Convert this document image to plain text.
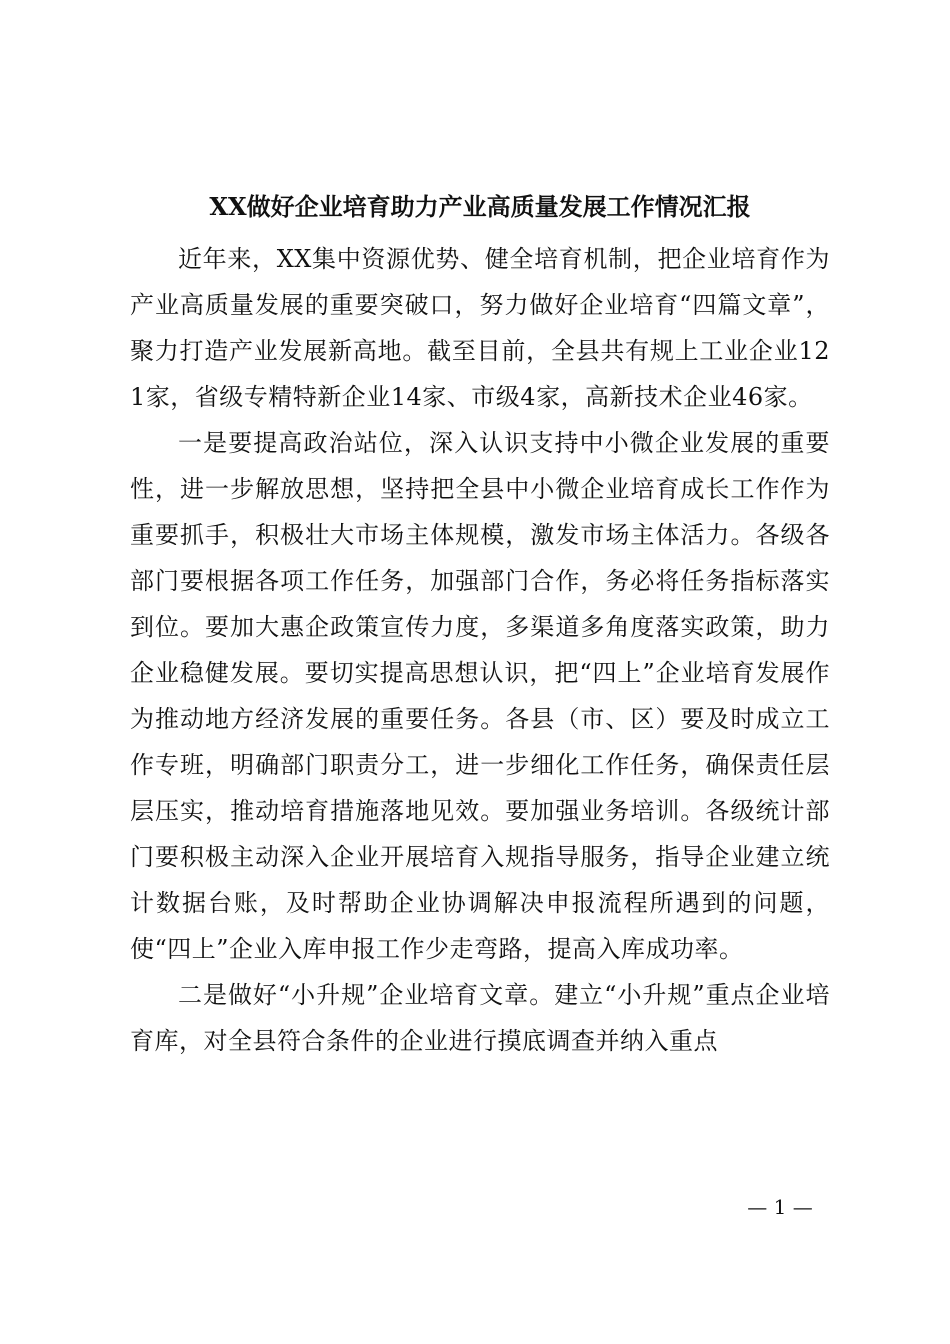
XX做好企业培育助力产业高质量发展工作情况汇报

近年来，XX集中资源优势、健全培育机制，把企业培育作为产业高质量发展的重要突破口，努力做好企业培育“四篇文章”，聚力打造产业发展新高地。截至目前，全县共有规上工业企业121家，省级专精特新企业14家、市级4家，高新技术企业46家。

一是要提高政治站位，深入认识支持中小微企业发展的重要性，进一步解放思想，坚持把全县中小微企业培育成长工作作为重要抓手，积极壮大市场主体规模，激发市场主体活力。各级各部门要根据各项工作任务，加强部门合作，务必将任务指标落实到位。要加大惠企政策宣传力度，多渠道多角度落实政策，助力企业稳健发展。要切实提高思想认识，把“四上”企业培育发展作为推动地方经济发展的重要任务。各县（市、区）要及时成立工作专班，明确部门职责分工，进一步细化工作任务，确保责任层层压实，推动培育措施落地见效。要加强业务培训。各级统计部门要积极主动深入企业开展培育入规指导服务，指导企业建立统计数据台账，及时帮助企业协调解决申报流程所遇到的问题，使“四上”企业入库申报工作少走弯路，提高入库成功率。

二是做好“小升规”企业培育文章。建立“小升规”重点企业培育库，对全县符合条件的企业进行摸底调查并纳入重点

— 1 —
